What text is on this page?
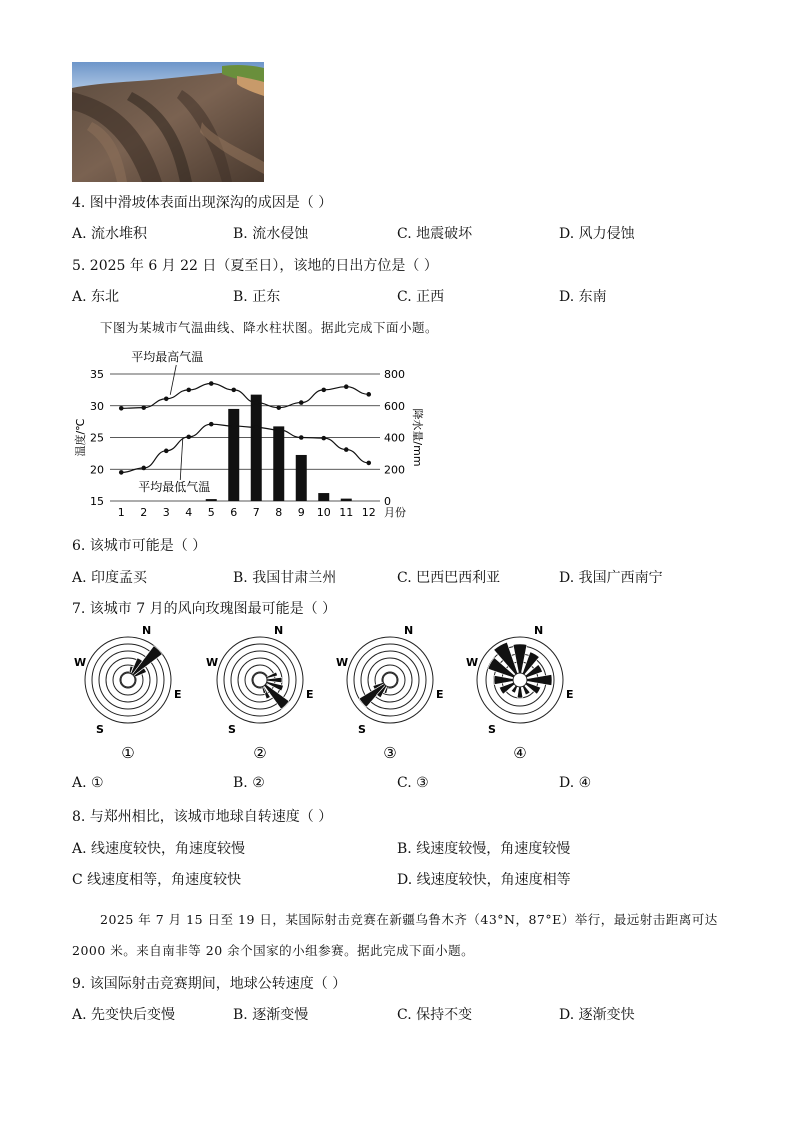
4. 图中滑坡体表面出现深沟的成因是（ ）
A. 流水堆积	B. 流水侵蚀	C. 地震破坏	D. 风力侵蚀
5. 2025 年 6 月 22 日（夏至日），该地的日出方位是（ ）
A. 东北	B. 正东	C. 正西	D. 东南
下图为某城市气温曲线、降水柱状图。据此完成下面小题。
35
30
25
20
15
800
600
400
200
0
温度/℃	降水量/mm
1 2 3 4 5 6 7 8 9 10 11 12 月份
平均最高气温
平均最低气温
6. 该城市可能是（ ）
A. 印度孟买	B. 我国甘肃兰州	C. 巴西巴西利亚	D. 我国广西南宁
7. 该城市 7 月的风向玫瑰图最可能是（ ）
N
S
W
E
①
N
S
W
E
②
N
S
W
E
③
N
S
W
E
④
A. ①	B. ②	C. ③	D. ④
8. 与郑州相比，该城市地球自转速度（ ）
A. 线速度较快，角速度较慢	B. 线速度较慢，角速度较慢
C 线速度相等，角速度较快	D. 线速度较快，角速度相等
2025 年 7 月 15 日至 19 日，某国际射击竞赛在新疆乌鲁木齐（43°N，87°E）举行，最远射击距离可达
2000 米。来自南非等 20 余个国家的小组参赛。据此完成下面小题。
9. 该国际射击竞赛期间，地球公转速度（ ）
A. 先变快后变慢	B. 逐渐变慢	C. 保持不变	D. 逐渐变快
